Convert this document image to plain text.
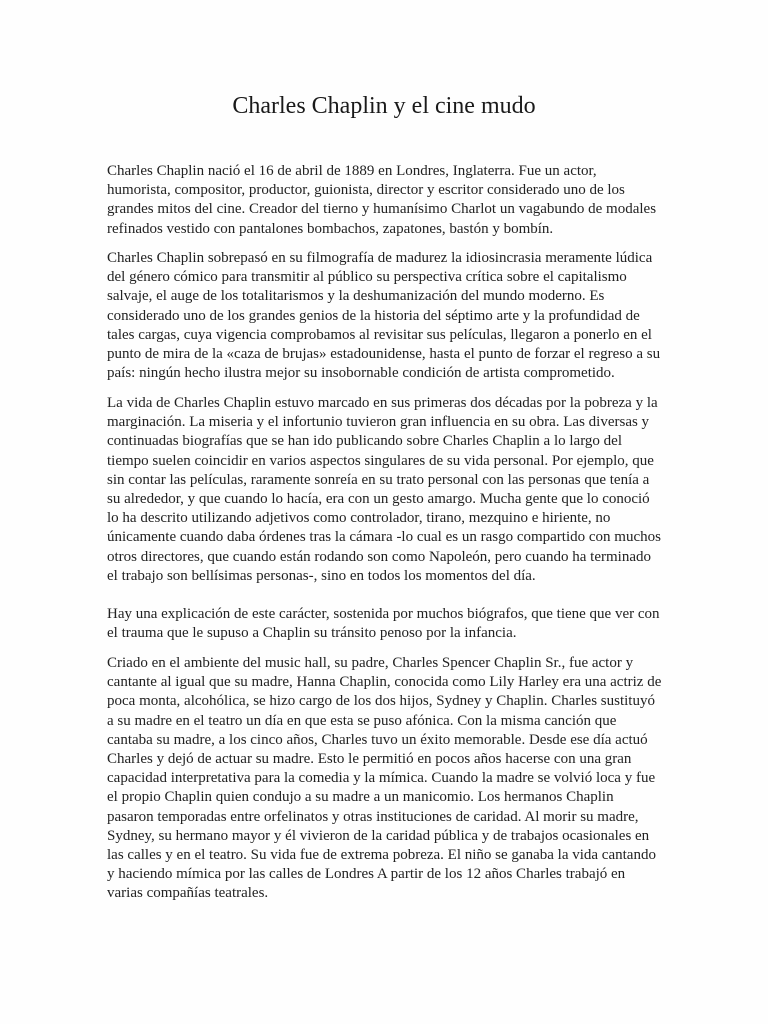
Charles Chaplin y el cine mudo

Charles Chaplin nació el 16 de abril de 1889 en Londres, Inglaterra. Fue un actor, humorista, compositor, productor, guionista, director y escritor considerado uno de los grandes mitos del cine. Creador del tierno y humanísimo Charlot un vagabundo de modales refinados vestido con pantalones bombachos, zapatones, bastón y bombín.

Charles Chaplin sobrepasó en su filmografía de madurez la idiosincrasia meramente lúdica del género cómico para transmitir al público su perspectiva crítica sobre el capitalismo salvaje, el auge de los totalitarismos y la deshumanización del mundo moderno. Es considerado uno de los grandes genios de la historia del séptimo arte y la profundidad de tales cargas, cuya vigencia comprobamos al revisitar sus películas, llegaron a ponerlo en el punto de mira de la «caza de brujas» estadounidense, hasta el punto de forzar el regreso a su país: ningún hecho ilustra mejor su insobornable condición de artista comprometido.

La vida de Charles Chaplin estuvo marcado en sus primeras dos décadas por la pobreza y la marginación. La miseria y el infortunio tuvieron gran influencia en su obra. Las diversas y continuadas biografías que se han ido publicando sobre Charles Chaplin a lo largo del tiempo suelen coincidir en varios aspectos singulares de su vida personal. Por ejemplo, que sin contar las películas, raramente sonreía en su trato personal con las personas que tenía a su alrededor, y que cuando lo hacía, era con un gesto amargo. Mucha gente que lo conoció lo ha descrito utilizando adjetivos como controlador, tirano, mezquino e hiriente, no únicamente cuando daba órdenes tras la cámara -lo cual es un rasgo compartido con muchos otros directores, que cuando están rodando son como Napoleón, pero cuando ha terminado el trabajo son bellísimas personas-, sino en todos los momentos del día.

Hay una explicación de este carácter, sostenida por muchos biógrafos, que tiene que ver con el trauma que le supuso a Chaplin su tránsito penoso por la infancia.

Criado en el ambiente del music hall, su padre, Charles Spencer Chaplin Sr., fue actor y cantante al igual que su madre, Hanna Chaplin, conocida como Lily Harley era una actriz de poca monta, alcohólica, se hizo cargo de los dos hijos, Sydney y Chaplin. Charles sustituyó a su madre en el teatro un día en que esta se puso afónica. Con la misma canción que cantaba su madre, a los cinco años, Charles tuvo un éxito memorable. Desde ese día actuó Charles y dejó de actuar su madre. Esto le permitió en pocos años hacerse con una gran capacidad interpretativa para la comedia y la mímica. Cuando la madre se volvió loca y fue el propio Chaplin quien condujo a su madre a un manicomio. Los hermanos Chaplin pasaron temporadas entre orfelinatos y otras instituciones de caridad. Al morir su madre, Sydney, su hermano mayor y él vivieron de la caridad pública y de trabajos ocasionales en las calles y en el teatro. Su vida fue de extrema pobreza. El niño se ganaba la vida cantando y haciendo mímica por las calles de Londres A partir de los 12 años Charles trabajó en varias compañías teatrales.
